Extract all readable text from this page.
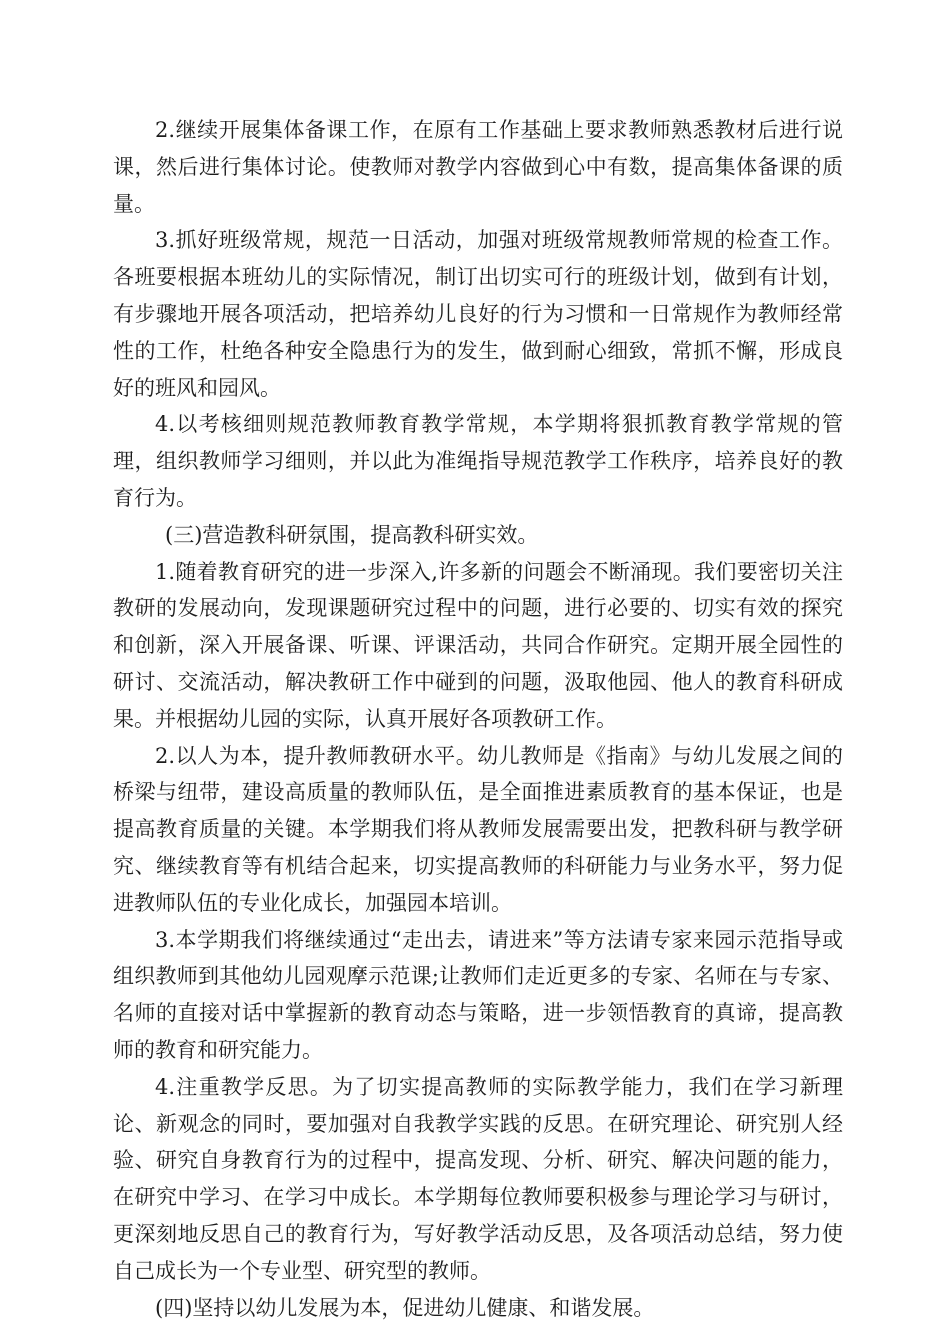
2.继续开展集体备课工作，在原有工作基础上要求教师熟悉教材后进行说课，然后进行集体讨论。使教师对教学内容做到心中有数，提高集体备课的质量。

3.抓好班级常规，规范一日活动，加强对班级常规教师常规的检查工作。各班要根据本班幼儿的实际情况，制订出切实可行的班级计划，做到有计划，有步骤地开展各项活动，把培养幼儿良好的行为习惯和一日常规作为教师经常性的工作，杜绝各种安全隐患行为的发生，做到耐心细致，常抓不懈，形成良好的班风和园风。

4.以考核细则规范教师教育教学常规，本学期将狠抓教育教学常规的管理，组织教师学习细则，并以此为准绳指导规范教学工作秩序，培养良好的教育行为。

(三)营造教科研氛围，提高教科研实效。

1.随着教育研究的进一步深入,许多新的问题会不断涌现。我们要密切关注教研的发展动向，发现课题研究过程中的问题，进行必要的、切实有效的探究和创新，深入开展备课、听课、评课活动，共同合作研究。定期开展全园性的研讨、交流活动，解决教研工作中碰到的问题，汲取他园、他人的教育科研成果。并根据幼儿园的实际，认真开展好各项教研工作。

2.以人为本，提升教师教研水平。幼儿教师是《指南》与幼儿发展之间的桥梁与纽带，建设高质量的教师队伍，是全面推进素质教育的基本保证，也是提高教育质量的关键。本学期我们将从教师发展需要出发，把教科研与教学研究、继续教育等有机结合起来，切实提高教师的科研能力与业务水平，努力促进教师队伍的专业化成长，加强园本培训。

3.本学期我们将继续通过“走出去，请进来”等方法请专家来园示范指导或组织教师到其他幼儿园观摩示范课;让教师们走近更多的专家、名师在与专家、名师的直接对话中掌握新的教育动态与策略，进一步领悟教育的真谛，提高教师的教育和研究能力。

4.注重教学反思。为了切实提高教师的实际教学能力，我们在学习新理论、新观念的同时，要加强对自我教学实践的反思。在研究理论、研究别人经验、研究自身教育行为的过程中，提高发现、分析、研究、解决问题的能力，在研究中学习、在学习中成长。本学期每位教师要积极参与理论学习与研讨，更深刻地反思自己的教育行为，写好教学活动反思，及各项活动总结，努力使自己成长为一个专业型、研究型的教师。

(四)坚持以幼儿发展为本，促进幼儿健康、和谐发展。
